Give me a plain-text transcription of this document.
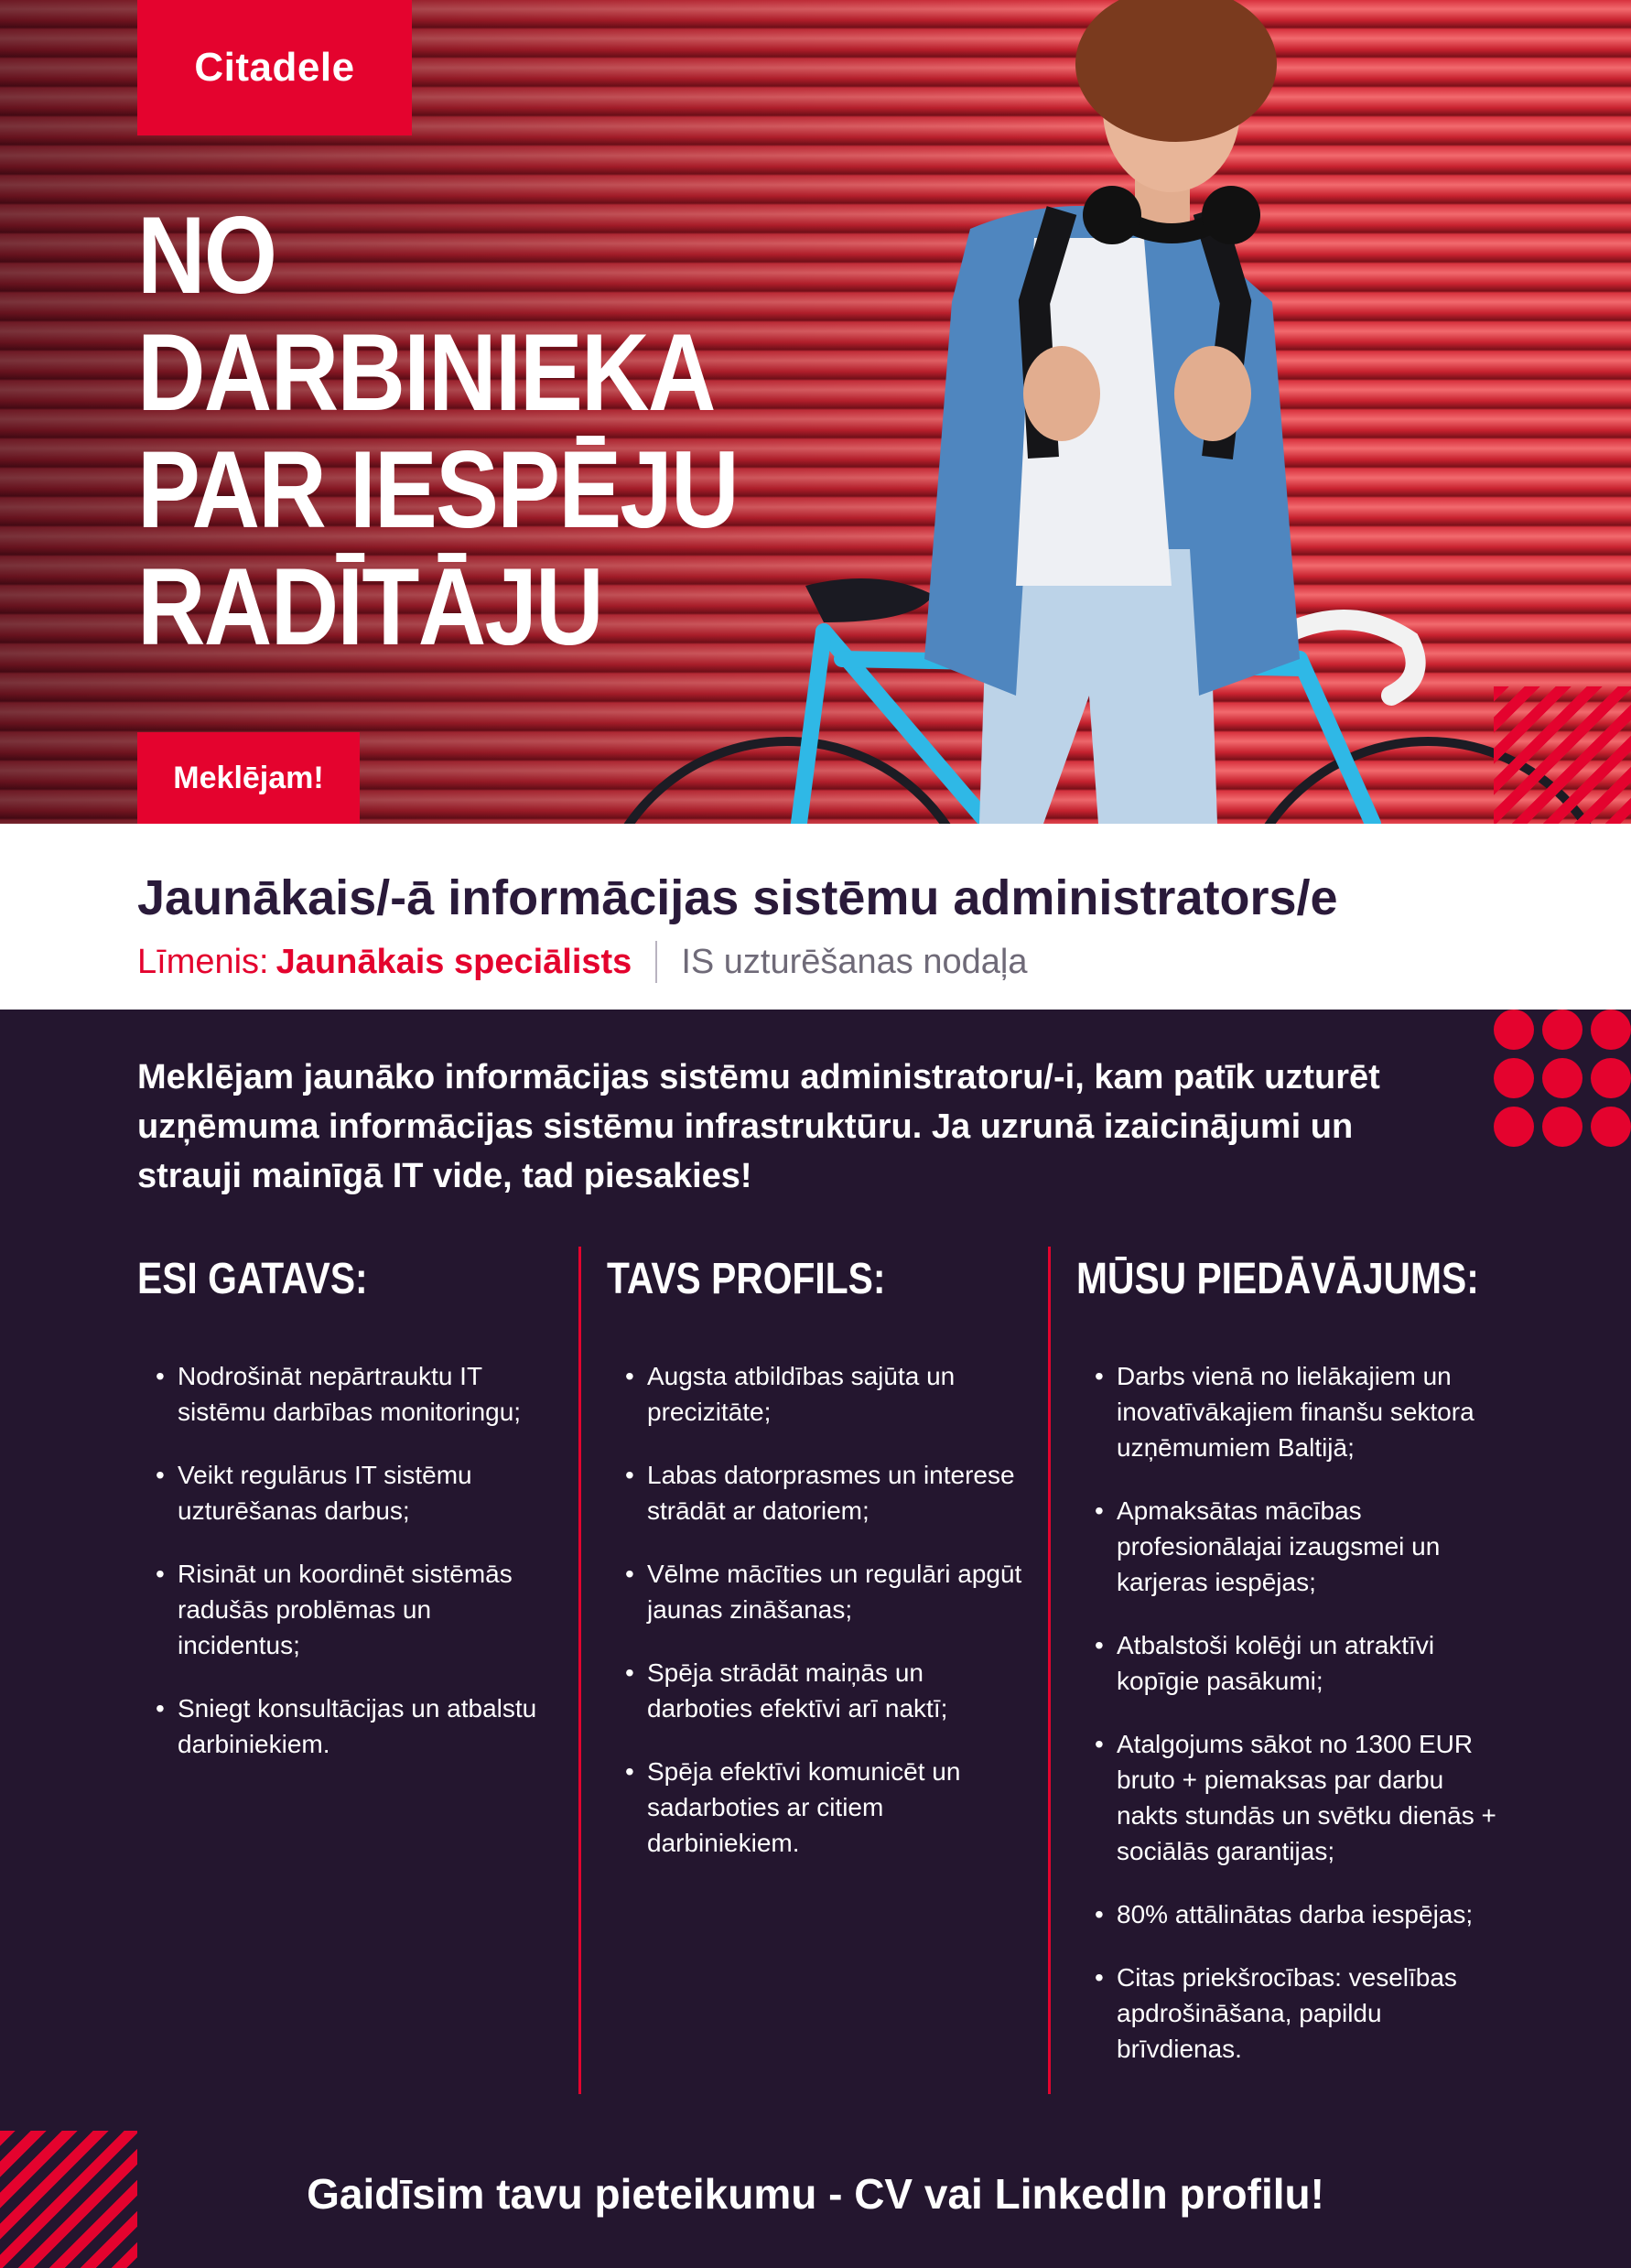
Citadele
NO
DARBINIEKA
PAR IESPĒJU
RADĪTĀJU
Meklējam!
Jaunākais/-ā informācijas sistēmu administrators/e
Līmenis: Jaunākais speciālists IS uzturēšanas nodaļa

Meklējam jaunāko informācijas sistēmu administratoru/-i, kam patīk uzturēt uzņēmuma informācijas sistēmu infrastruktūru. Ja uzrunā izaicinājumi un strauji mainīgā IT vide, tad piesakies!

ESI GATAVS:
• Nodrošināt nepārtrauktu IT sistēmu darbības monitoringu;
• Veikt regulārus IT sistēmu uzturēšanas darbus;
• Risināt un koordinēt sistēmās radušās problēmas un incidentus;
• Sniegt konsultācijas un atbalstu darbiniekiem.
TAVS PROFILS:
• Augsta atbildības sajūta un precizitāte;
• Labas datorprasmes un interese strādāt ar datoriem;
• Vēlme mācīties un regulāri apgūt jaunas zināšanas;
• Spēja strādāt maiņās un darboties efektīvi arī naktī;
• Spēja efektīvi komunicēt un sadarboties ar citiem darbiniekiem.
MŪSU PIEDĀVĀJUMS:
• Darbs vienā no lielākajiem un inovatīvākajiem finanšu sektora uzņēmumiem Baltijā;
• Apmaksātas mācības profesionālajai izaugsmei un karjeras iespējas;
• Atbalstoši kolēģi un atraktīvi kopīgie pasākumi;
• Atalgojums sākot no 1300 EUR bruto + piemaksas par darbu nakts stundās un svētku dienās + sociālās garantijas;
• 80% attālinātas darba iespējas;
• Citas priekšrocības: veselības apdrošināšana, papildu brīvdienas.
Gaidīsim tavu pieteikumu - CV vai LinkedIn profilu!
